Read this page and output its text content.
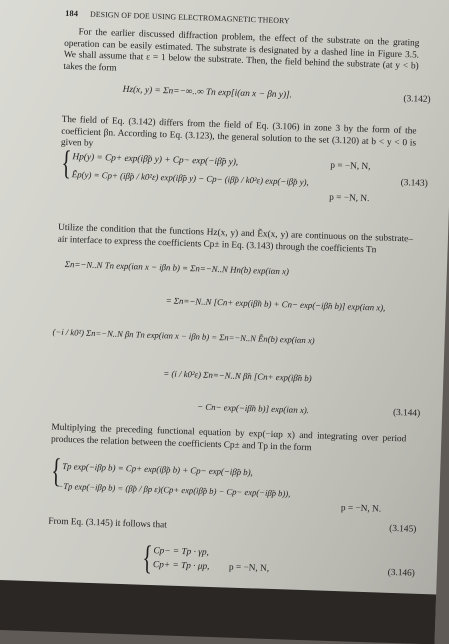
184 DESIGN OF DOE USING ELECTROMAGNETIC THEORY
For the earlier discussed diffraction problem, the effect of the substrate on the grating operation can be easily estimated. The substrate is designated by a dashed line in Figure 3.5. We shall assume that ε = 1 below the substrate. Then, the field behind the substrate (at y < b) takes the form
Hz(x, y) = Σn=−∞..∞ Tn exp[i(αn x − βn y)].	(3.142)
The field of Eq. (3.142) differs from the field of Eq. (3.106) in zone 3 by the form of the coefficient βn. According to Eq. (3.123), the general solution to the set (3.120) at b < y < 0 is given by
{ Hp(y) = Cp+ exp(iβ̃p y) + Cp− exp(−iβ̃p y),	p = −N, N,
Ẽp(y) = Cp+ (iβ̃p / k0²ε) exp(iβ̃p y) − Cp− (iβ̃p / k0²ε) exp(−iβ̃p y),
p = −N, N.
(3.143)
Utilize the condition that the functions Hz(x, y) and Ẽx(x, y) are continuous on the substrate–air interface to express the coefficients Cp± in Eq. (3.143) through the coefficients Tn
Σn=−N..N Tn exp(iαn x − iβn b) = Σn=−N..N Hn(b) exp(iαn x)
= Σn=−N..N [Cn+ exp(iβ̃n b) + Cn− exp(−iβ̃n b)] exp(iαn x),
(−i / k0²) Σn=−N..N βn Tn exp(iαn x − iβn b) = Σn=−N..N Ẽn(b) exp(iαn x)
= (i / k0²ε) Σn=−N..N β̃n [Cn+ exp(iβ̃n b)
− Cn− exp(−iβ̃n b)] exp(iαn x).	(3.144)
Multiplying the preceding functional equation by exp(−iαp x) and integrating over period produces the relation between the coefficients Cp± and Tp in the form
{ Tp exp(−iβp b) = Cp+ exp(iβ̃p b) + Cp− exp(−iβ̃p b),
−Tp exp(−iβp b) = (β̃p / βp ε)(Cp+ exp(iβ̃p b) − Cp− exp(−iβ̃p b)),
p = −N, N.
(3.145)
From Eq. (3.145) it follows that
{ Cp− = Tp · γp,
Cp+ = Tp · μp, p = −N, N,	(3.146)
